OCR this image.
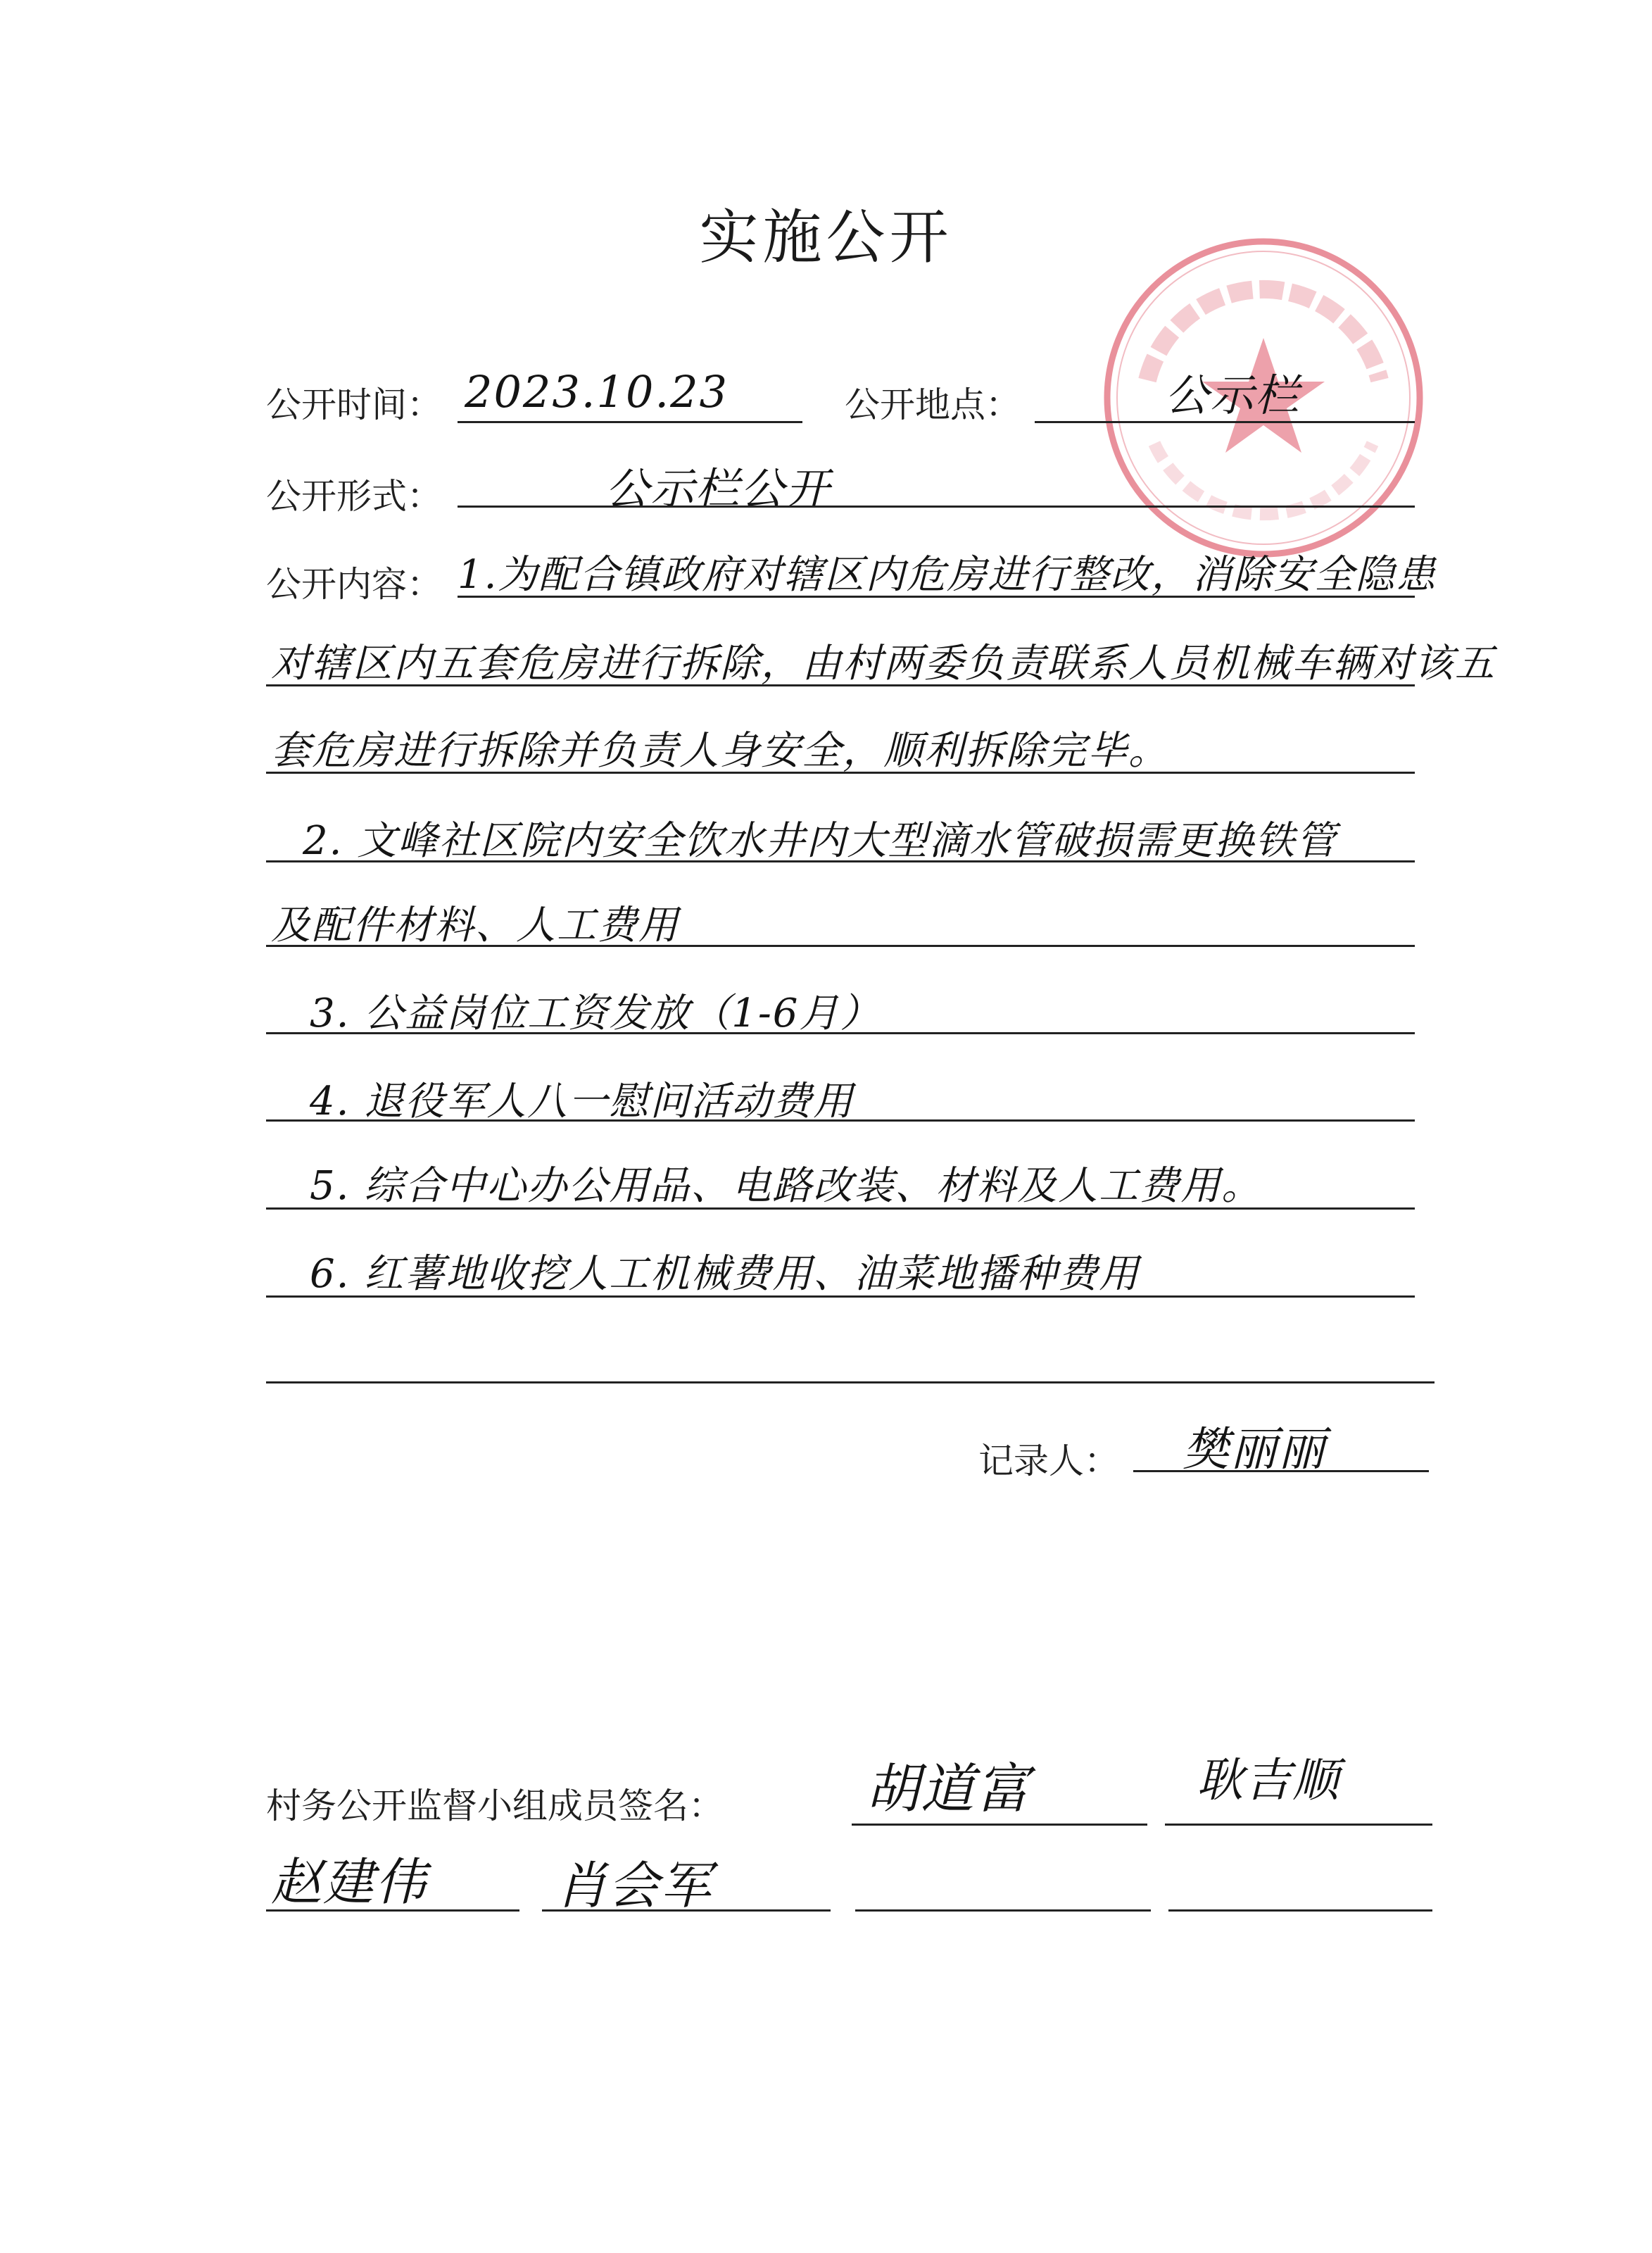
实施公开
公开时间： 2023.10.23	公开地点：	公示栏
公开形式：	公示栏公开
公开内容： 1.为配合镇政府对辖区内危房进行整改，消除安全隐患
对辖区内五套危房进行拆除，由村两委负责联系人员机械车辆对该五
套危房进行拆除并负责人身安全，顺利拆除完毕。
2. 文峰社区院内安全饮水井内大型滴水管破损需更换铁管
及配件材料、人工费用
3. 公益岗位工资发放（1-6月）
4. 退役军人八一慰问活动费用
5. 综合中心办公用品、电路改装、材料及人工费用。
6. 红薯地收挖人工机械费用、油菜地播种费用
记录人： 樊丽丽
村务公开监督小组成员签名：	胡道富	耿吉顺
赵建伟	肖会军
